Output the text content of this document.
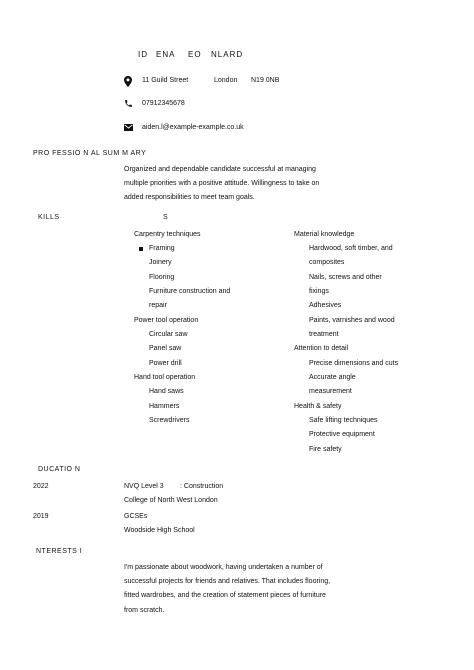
ID ENA EO NLARD
11 Guild Street	London N19 0NB
07912345678
aiden.l@example-example.co.uk
PRO FESSIO N AL SUM M ARY
Organized and dependable candidate successful at managing
multiple priorities with a positive attitude. Willingness to take on
added responsibilities to meet team goals.
KILLS	S
Carpentry techniques
Framing
Joinery
Flooring
Furniture construction and
repair
Power tool operation
Circular saw
Panel saw
Power drill
Hand tool operation
Hand saws
Hammers
Screwdrivers
Material knowledge
Hardwood, soft timber, and
composites
Nails, screws and other
fixings
Adhesives
Paints, varnishes and wood
treatment
Attention to detail
Precise dimensions and cuts
Accurate angle
measurement
Health & safety
Safe lifting techniques
Protective equipment
Fire safety
DUCATIO N
2022	NVQ Level 3 : Construction
College of North West London
2019	GCSEs
Woodside High School
NTERESTS I
I'm passionate about woodwork, having undertaken a number of
successful projects for friends and relatives. That includes flooring,
fitted wardrobes, and the creation of statement pieces of furniture
from scratch.
